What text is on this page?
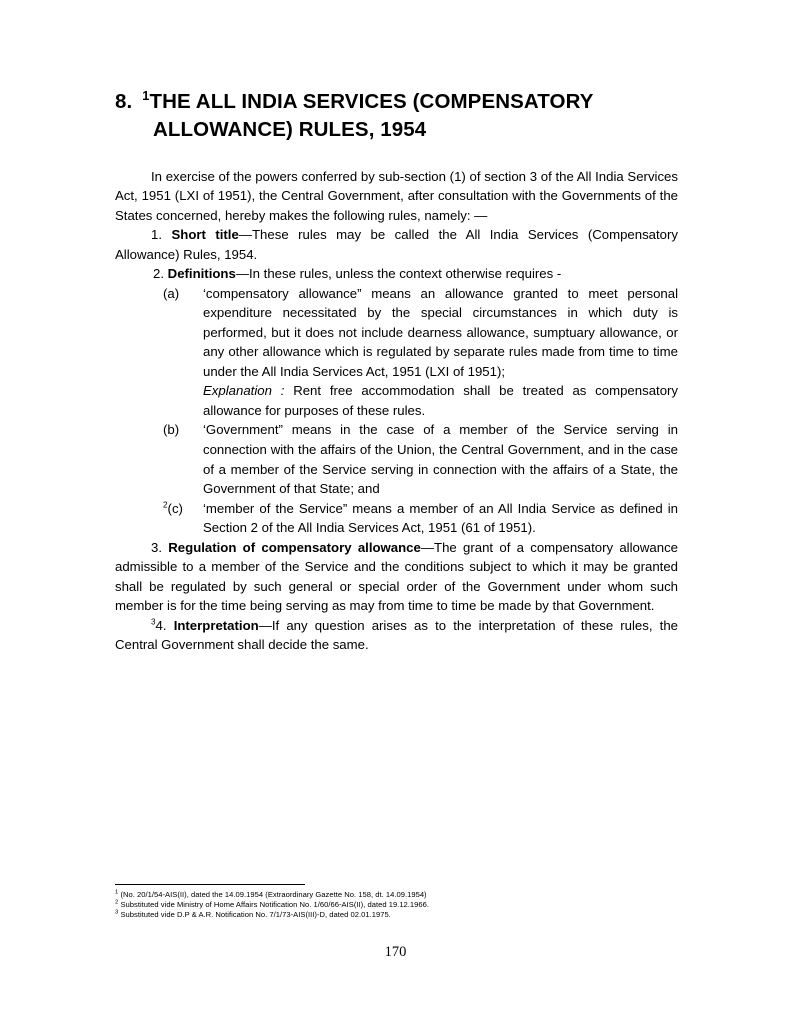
8. $^1$THE ALL INDIA SERVICES (COMPENSATORY ALLOWANCE) RULES, 1954

In exercise of the powers conferred by sub-section (1) of section 3 of the All India Services Act, 1951 (LXI of 1951), the Central Government, after consultation with the Governments of the States concerned, hereby makes the following rules, namely: —

1. Short title—These rules may be called the All India Services (Compensatory Allowance) Rules, 1954.

2. Definitions—In these rules, unless the context otherwise requires -

(a)	‘compensatory allowance” means an allowance granted to meet personal expenditure necessitated by the special circumstances in which duty is performed, but it does not include dearness allowance, sumptuary allowance, or any other allowance which is regulated by separate rules made from time to time under the All India Services Act, 1951 (LXI of 1951);

Explanation : Rent free accommodation shall be treated as compensatory allowance for purposes of these rules.

(b)	‘Government” means in the case of a member of the Service serving in connection with the affairs of the Union, the Central Government, and in the case of a member of the Service serving in connection with the affairs of a State, the Government of that State; and
$^2$(c)	‘member of the Service” means a member of an All India Service as defined in Section 2 of the All India Services Act, 1951 (61 of 1951).

3. Regulation of compensatory allowance—The grant of a compensatory allowance admissible to a member of the Service and the conditions subject to which it may be granted shall be regulated by such general or special order of the Government under whom such member is for the time being serving as may from time to time be made by that Government.

$^3$4. Interpretation—If any question arises as to the interpretation of these rules, the Central Government shall decide the same.

$^1$ (No. 20/1/54-AIS(II), dated the 14.09.1954 (Extraordinary Gazette No. 158, dt. 14.09.1954)

$^2$ Substituted vide Ministry of Home Affairs Notification No. 1/60/66-AIS(II), dated 19.12.1966.

$^3$ Substituted vide D.P & A.R. Notification No. 7/1/73-AIS(III)-D, dated 02.01.1975.

170
